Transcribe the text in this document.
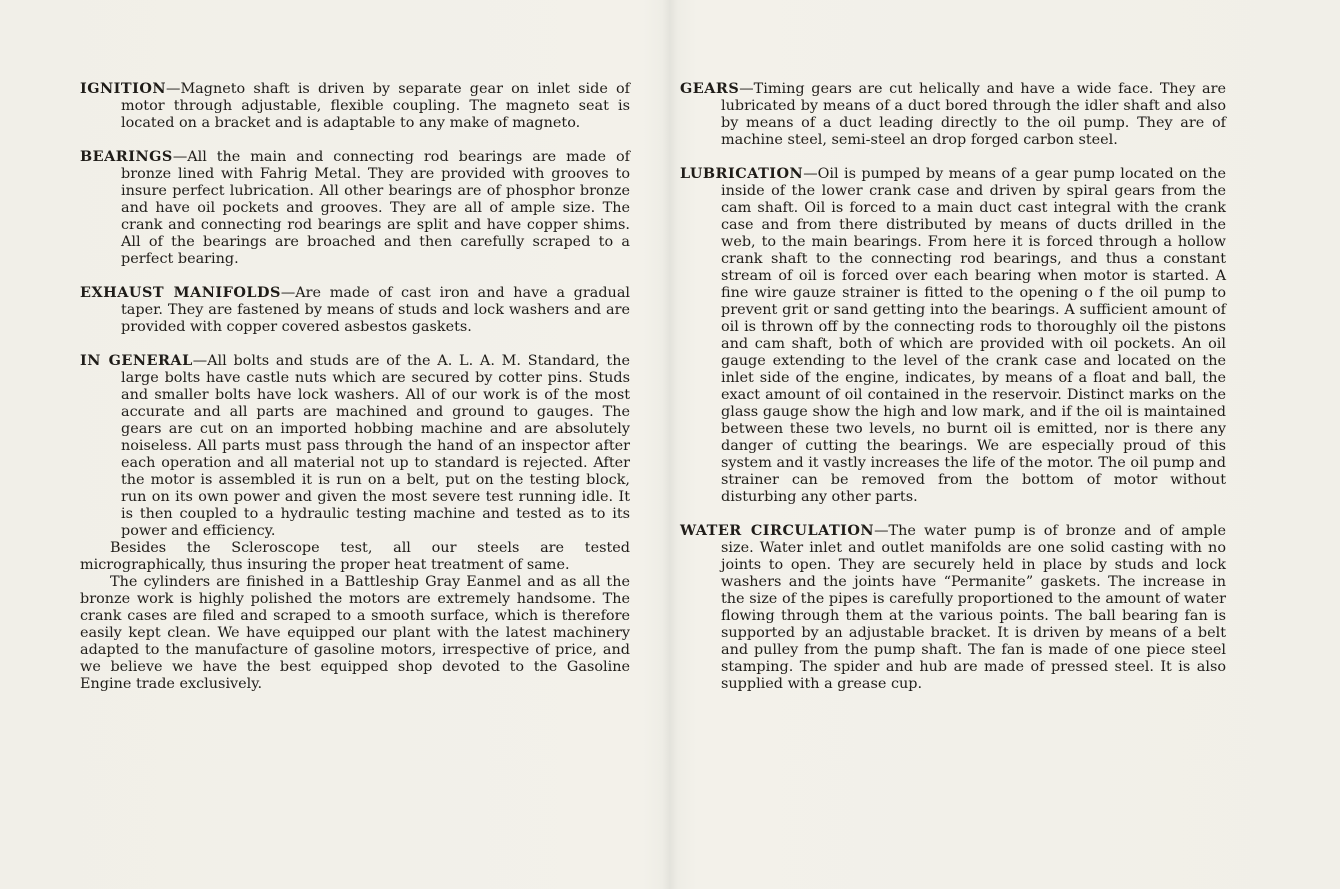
IGNITION—Magneto shaft is driven by separate gear on inlet side of motor through adjustable, flexible coupling. The magneto seat is located on a bracket and is adaptable to any make of magneto.

BEARINGS—All the main and connecting rod bearings are made of bronze lined with Fahrig Metal. They are provided with grooves to insure perfect lubrication. All other bearings are of phosphor bronze and have oil pockets and grooves. They are all of ample size. The crank and connecting rod bearings are split and have copper shims. All of the bearings are broached and then carefully scraped to a perfect bearing.

EXHAUST MANIFOLDS—Are made of cast iron and have a gradual taper. They are fastened by means of studs and lock washers and are provided with copper covered asbestos gaskets.

IN GENERAL—All bolts and studs are of the A. L. A. M. Standard, the large bolts have castle nuts which are secured by cotter pins. Studs and smaller bolts have lock washers. All of our work is of the most accurate and all parts are machined and ground to gauges. The gears are cut on an imported hobbing machine and are absolutely noiseless. All parts must pass through the hand of an inspector after each operation and all material not up to standard is rejected. After the motor is assembled it is run on a belt, put on the testing block, run on its own power and given the most severe test running idle. It is then coupled to a hydraulic testing machine and tested as to its power and efficiency.

Besides the Scleroscope test, all our steels are tested micrographically, thus insuring the proper heat treatment of same.

The cylinders are finished in a Battleship Gray Eanmel and as all the bronze work is highly polished the motors are extremely handsome. The crank cases are filed and scraped to a smooth surface, which is therefore easily kept clean. We have equipped our plant with the latest machinery adapted to the manufacture of gasoline motors, irrespective of price, and we believe we have the best equipped shop devoted to the Gasoline Engine trade exclusively.

GEARS—Timing gears are cut helically and have a wide face. They are lubricated by means of a duct bored through the idler shaft and also by means of a duct leading directly to the oil pump. They are of machine steel, semi-steel an drop forged carbon steel.

LUBRICATION—Oil is pumped by means of a gear pump located on the inside of the lower crank case and driven by spiral gears from the cam shaft. Oil is forced to a main duct cast integral with the crank case and from there distributed by means of ducts drilled in the web, to the main bearings. From here it is forced through a hollow crank shaft to the connecting rod bearings, and thus a constant stream of oil is forced over each bearing when motor is started. A fine wire gauze strainer is fitted to the opening o f the oil pump to prevent grit or sand getting into the bearings. A sufficient amount of oil is thrown off by the connecting rods to thoroughly oil the pistons and cam shaft, both of which are provided with oil pockets. An oil gauge extending to the level of the crank case and located on the inlet side of the engine, indicates, by means of a float and ball, the exact amount of oil contained in the reservoir. Distinct marks on the glass gauge show the high and low mark, and if the oil is maintained between these two levels, no burnt oil is emitted, nor is there any danger of cutting the bearings. We are especially proud of this system and it vastly increases the life of the motor. The oil pump and strainer can be removed from the bottom of motor without disturbing any other parts.

WATER CIRCULATION—The water pump is of bronze and of ample size. Water inlet and outlet manifolds are one solid casting with no joints to open. They are securely held in place by studs and lock washers and the joints have “Permanite” gaskets. The increase in the size of the pipes is carefully proportioned to the amount of water flowing through them at the various points. The ball bearing fan is supported by an adjustable bracket. It is driven by means of a belt and pulley from the pump shaft. The fan is made of one piece steel stamping. The spider and hub are made of pressed steel. It is also supplied with a grease cup.
